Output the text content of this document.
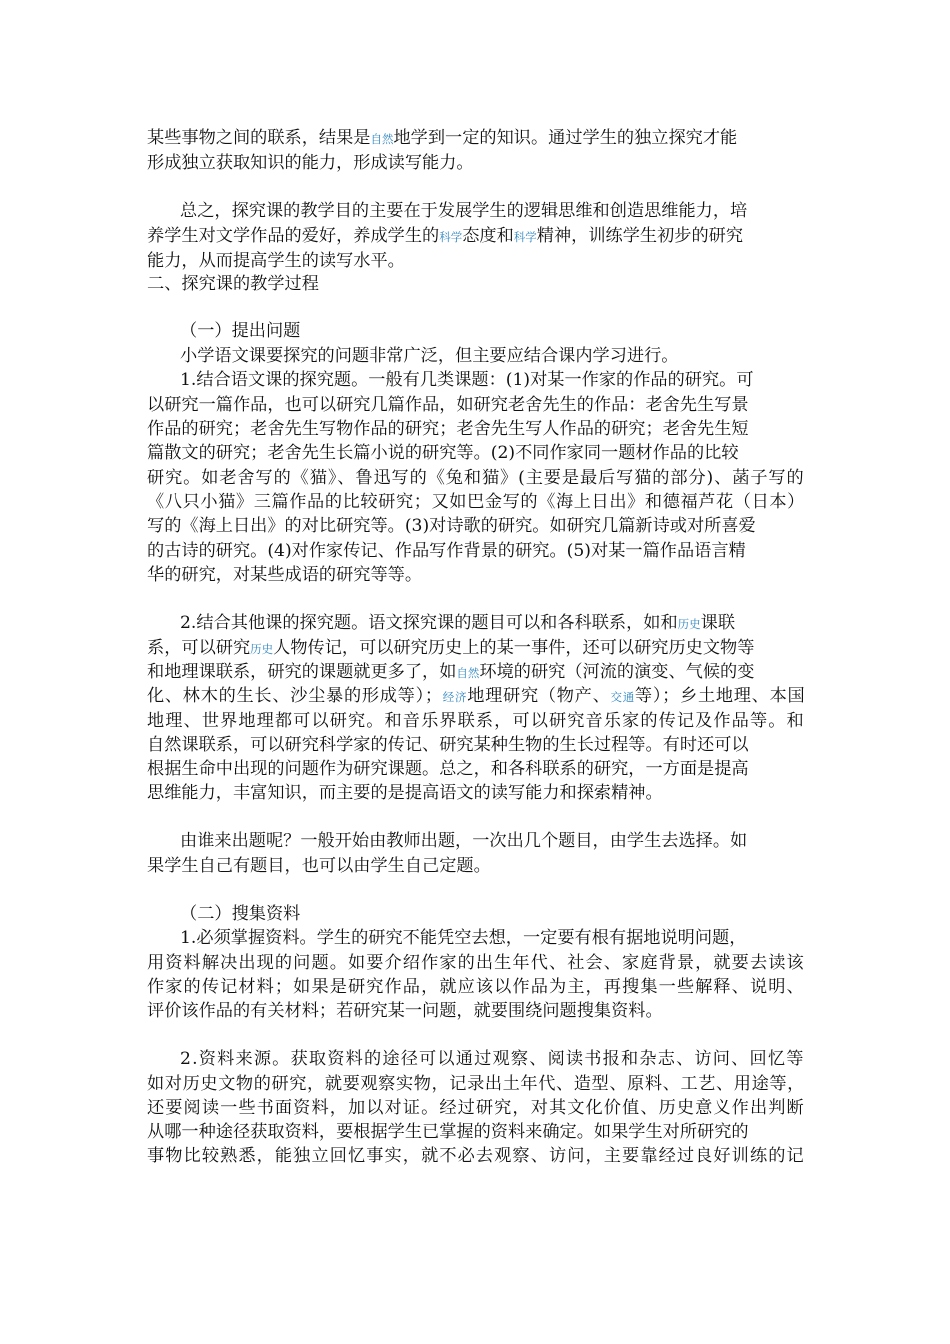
某些事物之间的联系，结果是自然地学到一定的知识。通过学生的独立探究才能
形成独立获取知识的能力，形成读写能力。
总之，探究课的教学目的主要在于发展学生的逻辑思维和创造思维能力，培
养学生对文学作品的爱好，养成学生的科学态度和科学精神，训练学生初步的研究
能力，从而提高学生的读写水平。
二、探究课的教学过程
（一）提出问题
小学语文课要探究的问题非常广泛，但主要应结合课内学习进行。
1.结合语文课的探究题。一般有几类课题：(1)对某一作家的作品的研究。可
以研究一篇作品，也可以研究几篇作品，如研究老舍先生的作品：老舍先生写景
作品的研究；老舍先生写物作品的研究；老舍先生写人作品的研究；老舍先生短
篇散文的研究；老舍先生长篇小说的研究等。(2)不同作家同一题材作品的比较
研究。如老舍写的《猫》、鲁迅写的《兔和猫》(主要是最后写猫的部分)、菡子写的
《八只小猫》三篇作品的比较研究；又如巴金写的《海上日出》和德福芦花（日本）
写的《海上日出》的对比研究等。(3)对诗歌的研究。如研究几篇新诗或对所喜爱
的古诗的研究。(4)对作家传记、作品写作背景的研究。(5)对某一篇作品语言精
华的研究，对某些成语的研究等等。
2.结合其他课的探究题。语文探究课的题目可以和各科联系，如和历史课联
系，可以研究历史人物传记，可以研究历史上的某一事件，还可以研究历史文物等
和地理课联系，研究的课题就更多了，如自然环境的研究（河流的演变、气候的变
化、林木的生长、沙尘暴的形成等）；经济地理研究（物产、交通等）；乡土地理、本国
地理、世界地理都可以研究。和音乐界联系，可以研究音乐家的传记及作品等。和
自然课联系，可以研究科学家的传记、研究某种生物的生长过程等。有时还可以
根据生命中出现的问题作为研究课题。总之，和各科联系的研究，一方面是提高
思维能力，丰富知识，而主要的是提高语文的读写能力和探索精神。
由谁来出题呢？一般开始由教师出题，一次出几个题目，由学生去选择。如
果学生自己有题目，也可以由学生自己定题。
（二）搜集资料
1.必须掌握资料。学生的研究不能凭空去想，一定要有根有据地说明问题，
用资料解决出现的问题。如要介绍作家的出生年代、社会、家庭背景，就要去读该
作家的传记材料；如果是研究作品，就应该以作品为主，再搜集一些解释、说明、
评价该作品的有关材料；若研究某一问题，就要围绕问题搜集资料。
2.资料来源。获取资料的途径可以通过观察、阅读书报和杂志、访问、回忆等
如对历史文物的研究，就要观察实物，记录出土年代、造型、原料、工艺、用途等，
还要阅读一些书面资料，加以对证。经过研究，对其文化价值、历史意义作出判断
从哪一种途径获取资料，要根据学生已掌握的资料来确定。如果学生对所研究的
事物比较熟悉，能独立回忆事实，就不必去观察、访问，主要靠经过良好训练的记
